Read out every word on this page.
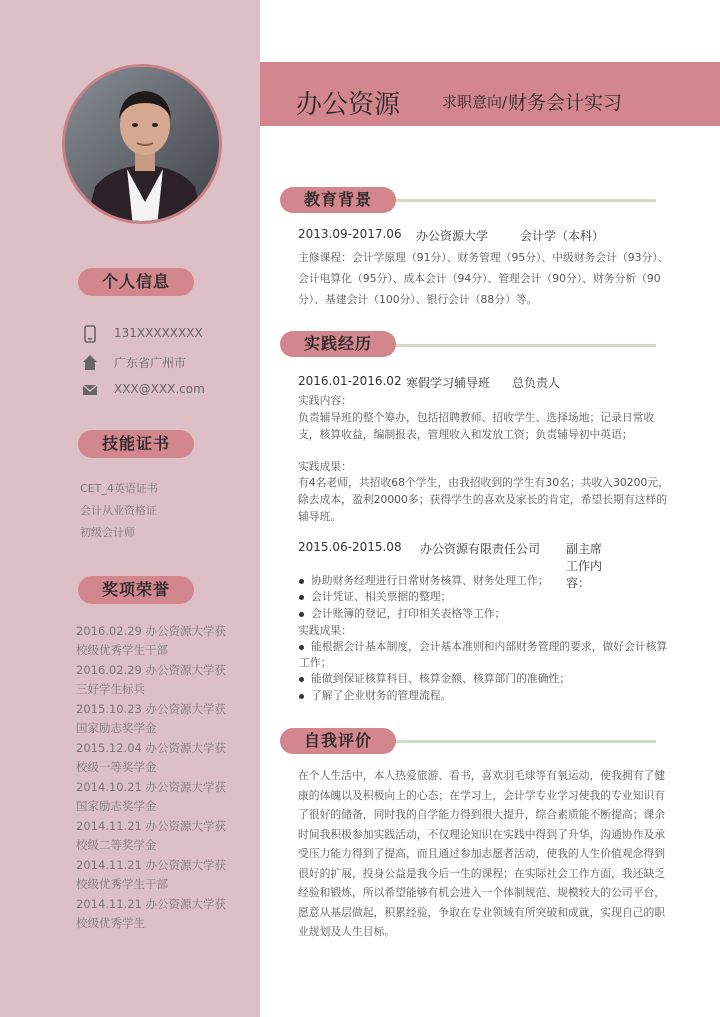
个人信息
131XXXXXXXX
广东省广州市
XXX@XXX.com
技能证书
CET_4英语证书
会计从业资格证
初级会计师
奖项荣誉
2016.02.29 办公资源大学获校级优秀学生干部
2016.02.29 办公资源大学获三好学生标兵
2015.10.23 办公资源大学获国家励志奖学金
2015.12.04 办公资源大学获校级一等奖学金
2014.10.21 办公资源大学获国家励志奖学金
2014.11.21 办公资源大学获校级二等奖学金
2014.11.21 办公资源大学获校级优秀学生干部
2014.11.21 办公资源大学获校级优秀学生
办公资源	求职意向/ 财务会计实习
教育背景
2013.09-2017.06 办公资源大学	会计学（本科）
主修课程：会计学原理（91分）、财务管理（95分）、中级财务会计（93分）、会计电算化（95分）、成本会计（94分）、管理会计（90分）、财务分析（90分）、基建会计（100分）、银行会计（88分）等。
实践经历
2016.01-2016.02 寒假学习辅导班 总负责人
实践内容：
负责辅导班的整个筹办，包括招聘教师、招收学生、选择场地；记录日常收支，核算收益，编制报表，管理收入和发放工资；负责辅导初中英语；
实践成果：
有4名老师，共招收68个学生，由我招收到的学生有30名；共收入30200元，除去成本，盈利20000多；获得学生的喜欢及家长的肯定，希望长期有这样的辅导班。
2015.06-2015.08 办公资源有限责任公司 副主席工作内容：
协助财务经理进行日常财务核算、财务处理工作；
会计凭证、相关票据的整理；
会计账簿的登记，打印相关表格等工作；
实践成果：
能根据会计基本制度，会计基本准则和内部财务管理的要求，做好会计核算工作；
能做到保证核算科目、核算金额、核算部门的准确性；
了解了企业财务的管理流程。
自我评价
在个人生活中，本人热爱旅游、看书，喜欢羽毛球等有氧运动，使我拥有了健康的体魄以及积极向上的心态；在学习上，会计学专业学习使我的专业知识有了很好的储备，同时我的自学能力得到很大提升，综合素质能不断提高；课余时间我积极参加实践活动，不仅理论知识在实践中得到了升华，沟通协作及承受压力能力得到了提高，而且通过参加志愿者活动，使我的人生价值观念得到很好的扩展，投身公益是我今后一生的课程；在实际社会工作方面，我还缺乏经验和锻炼，所以希望能够有机会进入一个体制规范、规模较大的公司平台，愿意从基层做起，积累经验，争取在专业领域有所突破和成就，实现自己的职业规划及人生目标。
